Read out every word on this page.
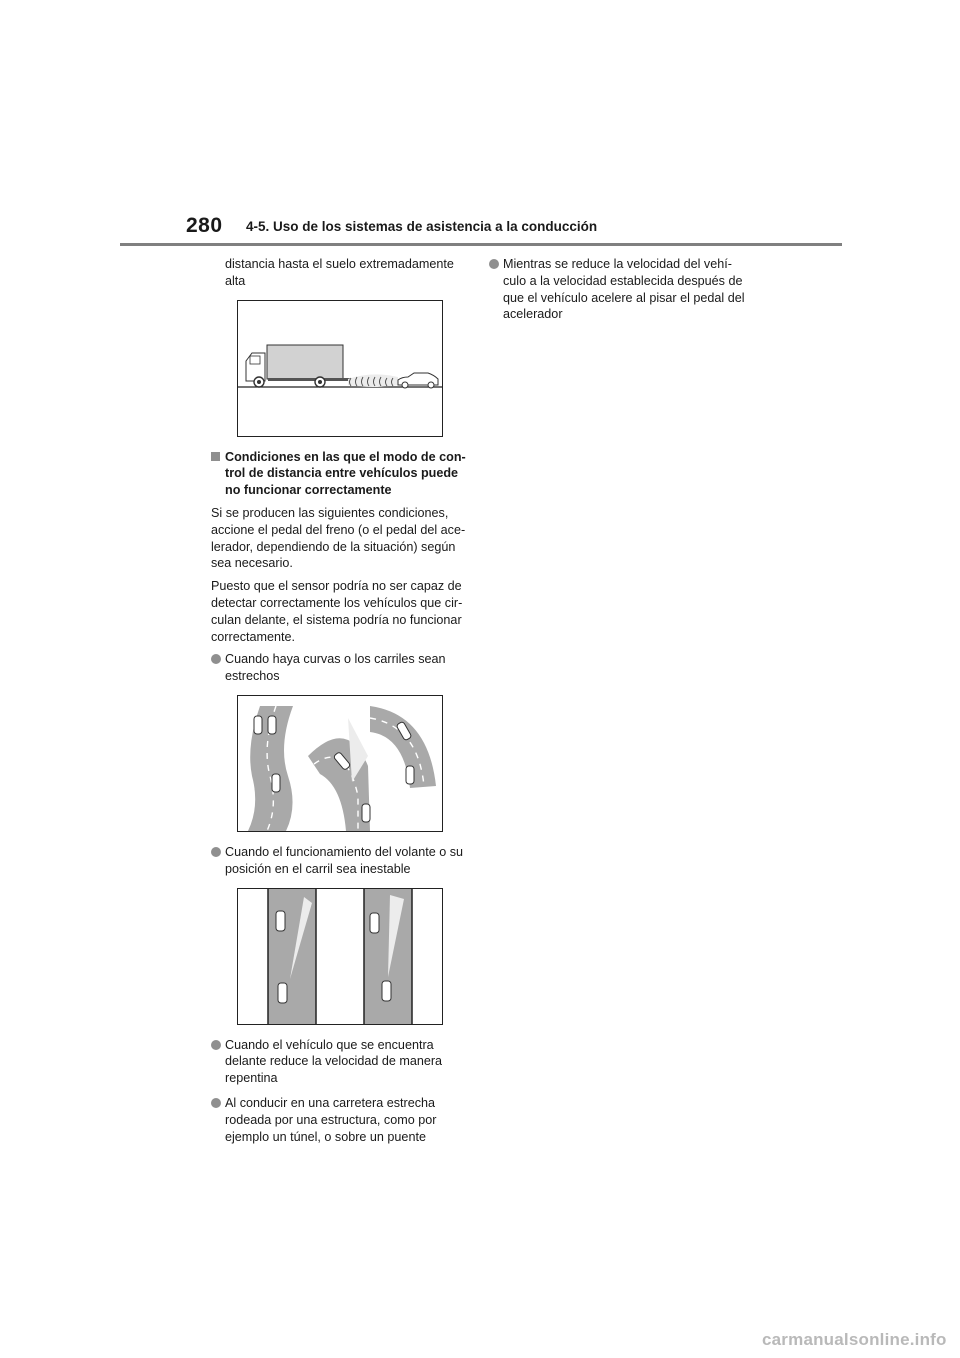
280 4-5. Uso de los sistemas de asistencia a la conducción

distancia hasta el suelo extremadamente alta

Condiciones en las que el modo de con-trol de distancia entre vehículos puede no funcionar correctamente

Si se producen las siguientes condiciones, accione el pedal del freno (o el pedal del ace-lerador, dependiendo de la situación) según sea necesario.

Puesto que el sensor podría no ser capaz de detectar correctamente los vehículos que cir-culan delante, el sistema podría no funcionar correctamente.

Cuando haya curvas o los carriles sean estrechos
Cuando el funcionamiento del volante o su posición en el carril sea inestable
Cuando el vehículo que se encuentra delante reduce la velocidad de manera repentina
Al conducir en una carretera estrecha rodeada por una estructura, como por ejemplo un túnel, o sobre un puente
Mientras se reduce la velocidad del vehí-culo a la velocidad establecida después de que el vehículo acelere al pisar el pedal del acelerador
carmanualsonline.info
